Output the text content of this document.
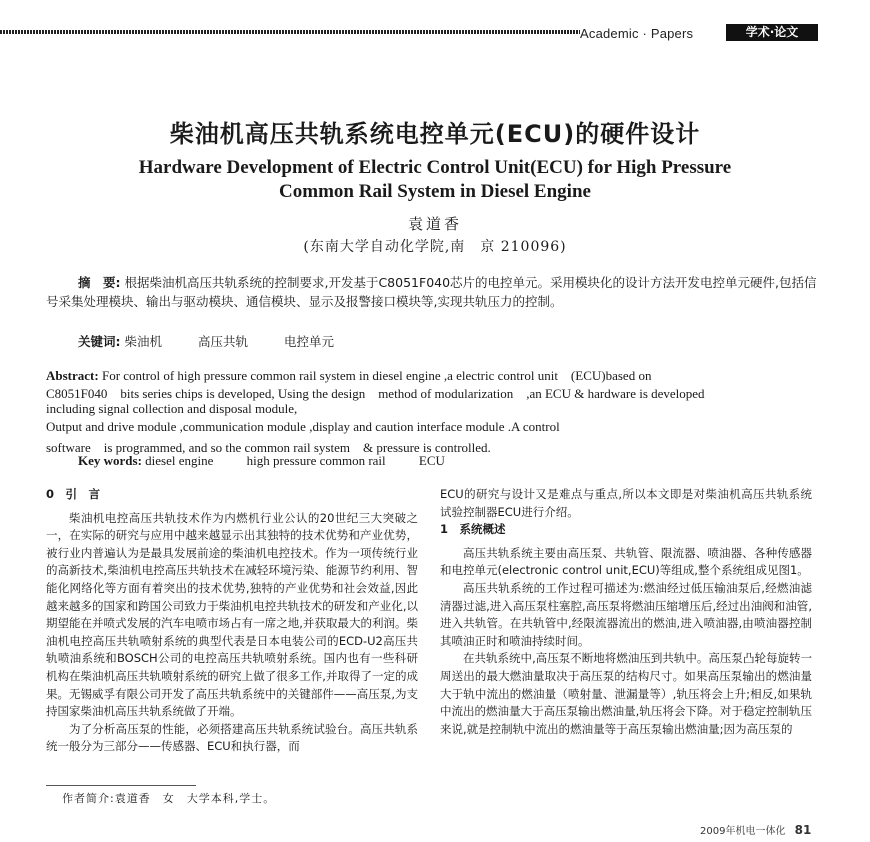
Academic · Papers	学术·论文
柴油机高压共轨系统电控单元(ECU)的硬件设计
Hardware Development of Electric Control Unit(ECU) for High Pressure
Common Rail System in Diesel Engine
袁道香
(东南大学自动化学院,南　京 210096)
摘　要: 根据柴油机高压共轨系统的控制要求,开发基于C8051F040芯片的电控单元。采用模块化的设计方法开发电控单元硬件,包括信号采集处理模块、输出与驱动模块、通信模块、显示及报警接口模块等,实现共轨压力的控制。
关键词: 柴油机	高压共轨	电控单元
Abstract: For control of high pressure common rail system in diesel engine ,a electric control unit　(ECU)based on
C8051F040　bits series chips is developed, Using the design　method of modularization　,an ECU & hardware is developed
including signal collection and disposal module,
Output and drive module ,communication module ,display and caution interface module .A control
software　is programmed, and so the common rail system　& pressure is controlled.
Key words: diesel engine	high pressure common rail	ECU
0　引　言

柴油机电控高压共轨技术作为内燃机行业公认的20世纪三大突破之一，在实际的研究与应用中越来越显示出其独特的技术优势和产业优势，被行业内普遍认为是最具发展前途的柴油机电控技术。作为一项传统行业的高新技术,柴油机电控高压共轨技术在减轻环境污染、能源节约利用、智能化网络化等方面有着突出的技术优势,独特的产业优势和社会效益,因此越来越多的国家和跨国公司致力于柴油机电控共轨技术的研发和产业化,以期望能在并喷式发展的汽车电喷市场占有一席之地,并获取最大的利润。柴油机电控高压共轨喷射系统的典型代表是日本电装公司的ECD-U2高压共轨喷油系统和BOSCH公司的电控高压共轨喷射系统。国内也有一些科研机构在柴油机高压共轨喷射系统的研究上做了很多工作,并取得了一定的成果。无锡威孚有限公司开发了高压共轨系统中的关键部件——高压泵,为支持国家柴油机高压共轨系统做了开端。

为了分析高压泵的性能，必须搭建高压共轨系统试验台。高压共轨系统一般分为三部分——传感器、ECU和执行器，而

ECU的研究与设计又是难点与重点,所以本文即是对柴油机高压共轨系统试验控制器ECU进行介绍。

1　系统概述

高压共轨系统主要由高压泵、共轨管、限流器、喷油器、各种传感器和电控单元(electronic control unit,ECU)等组成,整个系统组成见图1。

高压共轨系统的工作过程可描述为:燃油经过低压输油泵后,经燃油滤清器过滤,进入高压泵柱塞腔,高压泵将燃油压缩增压后,经过出油阀和油管,进入共轨管。在共轨管中,经限流器流出的燃油,进入喷油器,由喷油器控制其喷油正时和喷油持续时间。

在共轨系统中,高压泵不断地将燃油压到共轨中。高压泵凸轮每旋转一周送出的最大燃油量取决于高压泵的结构尺寸。如果高压泵输出的燃油量大于轨中流出的燃油量（喷射量、泄漏量等）,轨压将会上升;相反,如果轨中流出的燃油量大于高压泵输出燃油量,轨压将会下降。对于稳定控制轨压来说,就是控制轨中流出的燃油量等于高压泵输出燃油量;因为高压泵的

作者简介:袁道香　女　大学本科,学士。
2009年机电一体化 81
